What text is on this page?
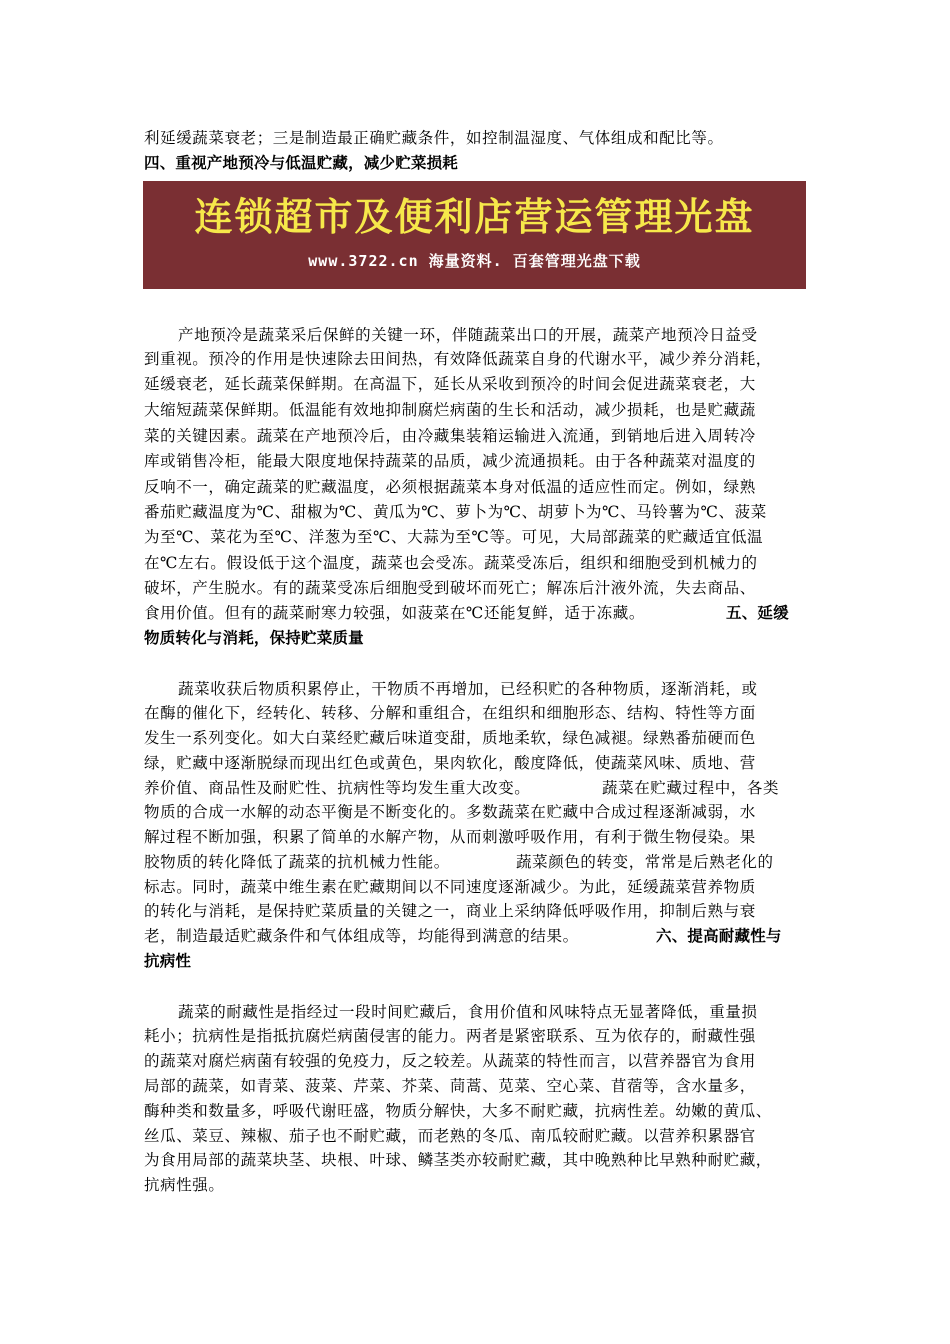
利延缓蔬菜衰老；三是制造最正确贮藏条件，如控制温湿度、气体组成和配比等。
四、重视产地预冷与低温贮藏，减少贮菜损耗
连锁超市及便利店营运管理光盘
www.3722.cn 海量资料. 百套管理光盘下载
产地预冷是蔬菜采后保鲜的关键一环，伴随蔬菜出口的开展，蔬菜产地预冷日益受
到重视。预冷的作用是快速除去田间热，有效降低蔬菜自身的代谢水平，减少养分消耗，
延缓衰老，延长蔬菜保鲜期。在高温下，延长从采收到预冷的时间会促进蔬菜衰老，大
大缩短蔬菜保鲜期。低温能有效地抑制腐烂病菌的生长和活动，减少损耗，也是贮藏蔬
菜的关键因素。蔬菜在产地预冷后，由冷藏集装箱运输进入流通，到销地后进入周转冷
库或销售冷柜，能最大限度地保持蔬菜的品质，减少流通损耗。由于各种蔬菜对温度的
反响不一，确定蔬菜的贮藏温度，必须根据蔬菜本身对低温的适应性而定。例如，绿熟
番茄贮藏温度为℃、甜椒为℃、黄瓜为℃、萝卜为℃、胡萝卜为℃、马铃薯为℃、菠菜
为至℃、菜花为至℃、洋葱为至℃、大蒜为至℃等。可见，大局部蔬菜的贮藏适宜低温
在℃左右。假设低于这个温度，蔬菜也会受冻。蔬菜受冻后，组织和细胞受到机械力的
破坏，产生脱水。有的蔬菜受冻后细胞受到破坏而死亡；解冻后汁液外流，失去商品、
食用价值。但有的蔬菜耐寒力较强，如菠菜在℃还能复鲜，适于冻藏。	五、延缓
物质转化与消耗，保持贮菜质量
蔬菜收获后物质积累停止，干物质不再增加，已经积贮的各种物质，逐渐消耗，或
在酶的催化下，经转化、转移、分解和重组合，在组织和细胞形态、结构、特性等方面
发生一系列变化。如大白菜经贮藏后味道变甜，质地柔软，绿色减褪。绿熟番茄硬而色
绿，贮藏中逐渐脱绿而现出红色或黄色，果肉软化，酸度降低，使蔬菜风味、质地、营
养价值、商品性及耐贮性、抗病性等均发生重大改变。	蔬菜在贮藏过程中，各类
物质的合成一水解的动态平衡是不断变化的。多数蔬菜在贮藏中合成过程逐渐减弱，水
解过程不断加强，积累了简单的水解产物，从而刺激呼吸作用，有利于微生物侵染。果
胶物质的转化降低了蔬菜的抗机械力性能。	蔬菜颜色的转变，常常是后熟老化的
标志。同时，蔬菜中维生素在贮藏期间以不同速度逐渐减少。为此，延缓蔬菜营养物质
的转化与消耗，是保持贮菜质量的关键之一，商业上采纳降低呼吸作用，抑制后熟与衰
老，制造最适贮藏条件和气体组成等，均能得到满意的结果。	六、提高耐藏性与
抗病性
蔬菜的耐藏性是指经过一段时间贮藏后，食用价值和风味特点无显著降低，重量损
耗小；抗病性是指抵抗腐烂病菌侵害的能力。两者是紧密联系、互为依存的，耐藏性强
的蔬菜对腐烂病菌有较强的免疫力，反之较差。从蔬菜的特性而言，以营养器官为食用
局部的蔬菜，如青菜、菠菜、芹菜、芥菜、茼蒿、苋菜、空心菜、苜蓿等，含水量多，
酶种类和数量多，呼吸代谢旺盛，物质分解快，大多不耐贮藏，抗病性差。幼嫩的黄瓜、
丝瓜、菜豆、辣椒、茄子也不耐贮藏，而老熟的冬瓜、南瓜较耐贮藏。以营养积累器官
为食用局部的蔬菜块茎、块根、叶球、鳞茎类亦较耐贮藏，其中晚熟种比早熟种耐贮藏，
抗病性强。
